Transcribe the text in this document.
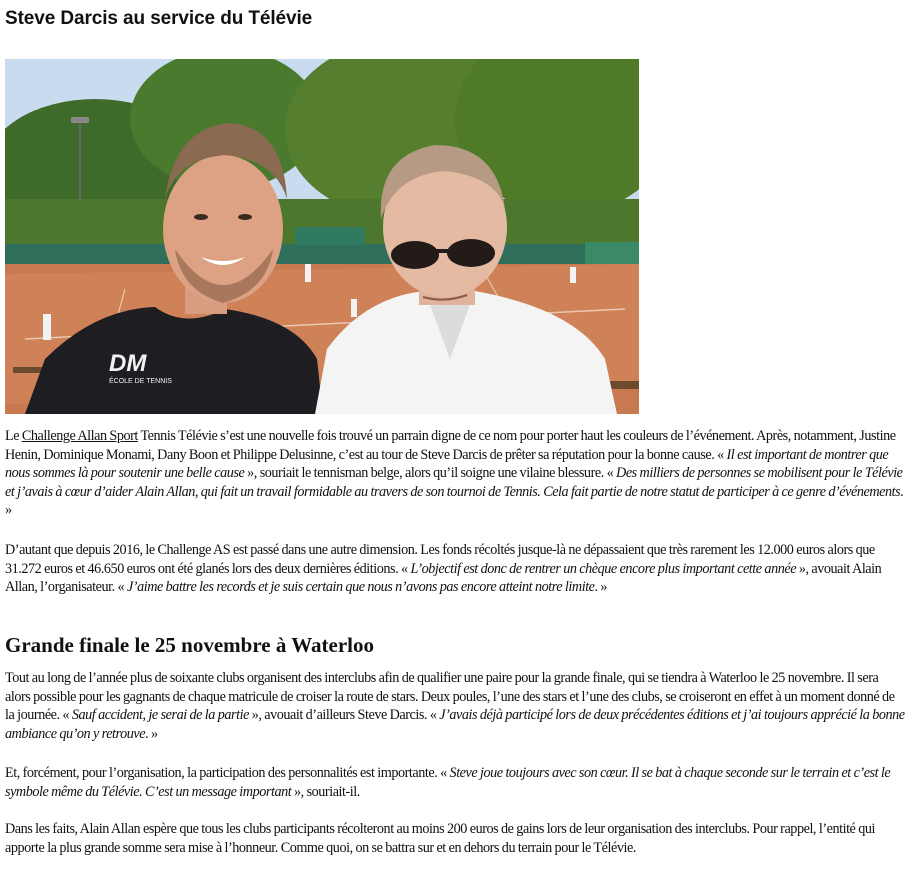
Steve Darcis au service du Télévie
DM
ÉCOLE DE TENNIS

Le Challenge Allan Sport Tennis Télévie s’est une nouvelle fois trouvé un parrain digne de ce nom pour porter haut les couleurs de l’événement. Après, notamment, Justine Henin, Dominique Monami, Dany Boon et Philippe Delusinne, c’est au tour de Steve Darcis de prêter sa réputation pour la bonne cause. « Il est important de montrer que nous sommes là pour soutenir une belle cause », souriait le tennisman belge, alors qu’il soigne une vilaine blessure. « Des milliers de personnes se mobilisent pour le Télévie et j’avais à cœur d’aider Alain Allan, qui fait un travail formidable au travers de son tournoi de Tennis. Cela fait partie de notre statut de participer à ce genre d’événements. »

D’autant que depuis 2016, le Challenge AS est passé dans une autre dimension. Les fonds récoltés jusque-là ne dépassaient que très rarement les 12.000 euros alors que 31.272 euros et 46.650 euros ont été glanés lors des deux dernières éditions. « L’objectif est donc de rentrer un chèque encore plus important cette année », avouait Alain Allan, l’organisateur. « J’aime battre les records et je suis certain que nous n’avons pas encore atteint notre limite. »

Grande finale le 25 novembre à Waterloo

Tout au long de l’année plus de soixante clubs organisent des interclubs afin de qualifier une paire pour la grande finale, qui se tiendra à Waterloo le 25 novembre. Il sera alors possible pour les gagnants de chaque matricule de croiser la route de stars. Deux poules, l’une des stars et l’une des clubs, se croiseront en effet à un moment donné de la journée. « Sauf accident, je serai de la partie », avouait d’ailleurs Steve Darcis. « J’avais déjà participé lors de deux précédentes éditions et j’ai toujours apprécié la bonne ambiance qu’on y retrouve. »

Et, forcément, pour l’organisation, la participation des personnalités est importante. « Steve joue toujours avec son cœur. Il se bat à chaque seconde sur le terrain et c’est le symbole même du Télévie. C’est un message important », souriait-il.

Dans les faits, Alain Allan espère que tous les clubs participants récolteront au moins 200 euros de gains lors de leur organisation des interclubs. Pour rappel, l’entité qui apporte la plus grande somme sera mise à l’honneur. Comme quoi, on se battra sur et en dehors du terrain pour le Télévie.
